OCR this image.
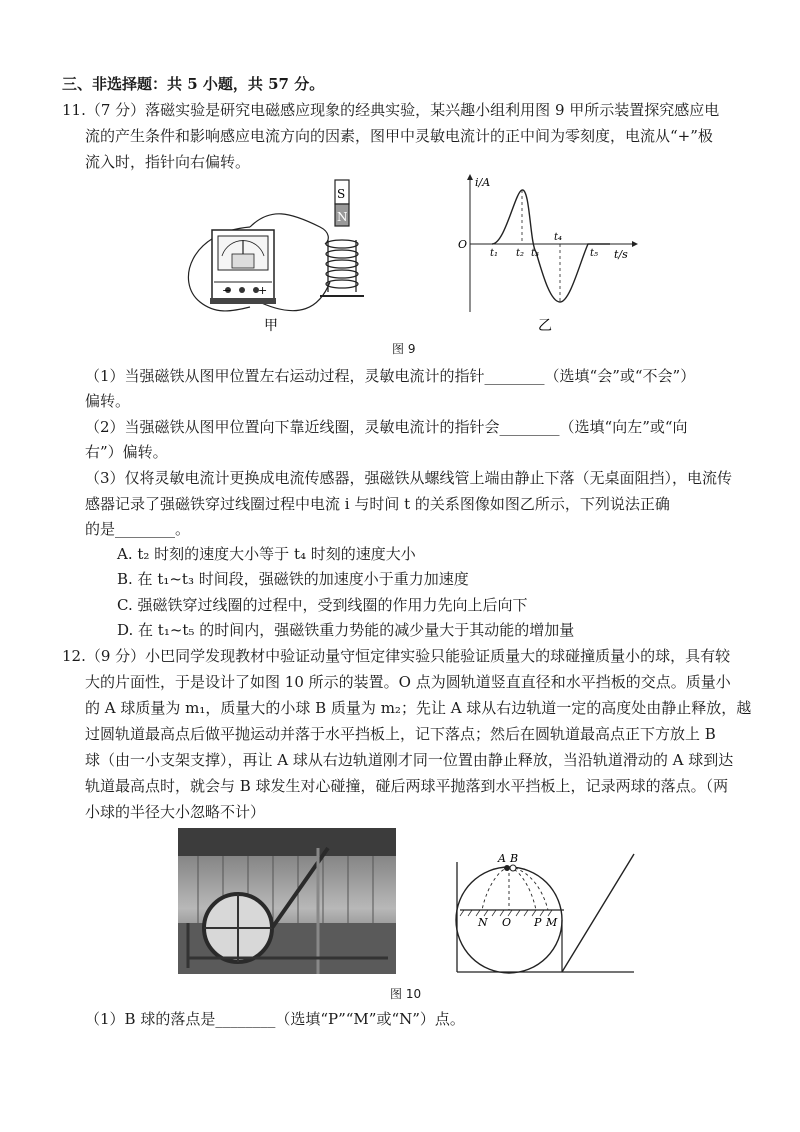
三、非选择题：共 5 小题，共 57 分。
11.（7 分）落磁实验是研究电磁感应现象的经典实验，某兴趣小组利用图 9 甲所示装置探究感应电
流的产生条件和影响感应电流方向的因素，图甲中灵敏电流计的正中间为零刻度，电流从“+”极
流入时，指针向右偏转。
− +
S
N
甲
i/A
t/s
O
t₁ t₂ t₃
t₄
t₅
乙
图 9
（1）当强磁铁从图甲位置左右运动过程，灵敏电流计的指针________（选填“会”或“不会”）
偏转。
（2）当强磁铁从图甲位置向下靠近线圈，灵敏电流计的指针会________（选填“向左”或“向
右”）偏转。
（3）仅将灵敏电流计更换成电流传感器，强磁铁从螺线管上端由静止下落（无桌面阻挡），电流传
感器记录了强磁铁穿过线圈过程中电流 i 与时间 t 的关系图像如图乙所示，下列说法正确
的是________。
A. t₂ 时刻的速度大小等于 t₄ 时刻的速度大小
B. 在 t₁~t₃ 时间段，强磁铁的加速度小于重力加速度
C. 强磁铁穿过线圈的过程中，受到线圈的作用力先向上后向下
D. 在 t₁~t₅ 的时间内，强磁铁重力势能的减少量大于其动能的增加量
12.（9 分）小巴同学发现教材中验证动量守恒定律实验只能验证质量大的球碰撞质量小的球，具有较
大的片面性，于是设计了如图 10 所示的装置。O 点为圆轨道竖直直径和水平挡板的交点。质量小
的 A 球质量为 m₁，质量大的小球 B 质量为 m₂；先让 A 球从右边轨道一定的高度处由静止释放，越
过圆轨道最高点后做平抛运动并落于水平挡板上，记下落点；然后在圆轨道最高点正下方放上 B
球（由一小支架支撑），再让 A 球从右边轨道刚才同一位置由静止释放，当沿轨道滑动的 A 球到达
轨道最高点时，就会与 B 球发生对心碰撞，碰后两球平抛落到水平挡板上，记录两球的落点。（两
小球的半径大小忽略不计）
A B
N O P M
图 10
（1）B 球的落点是________（选填“P”“M”或“N”）点。
